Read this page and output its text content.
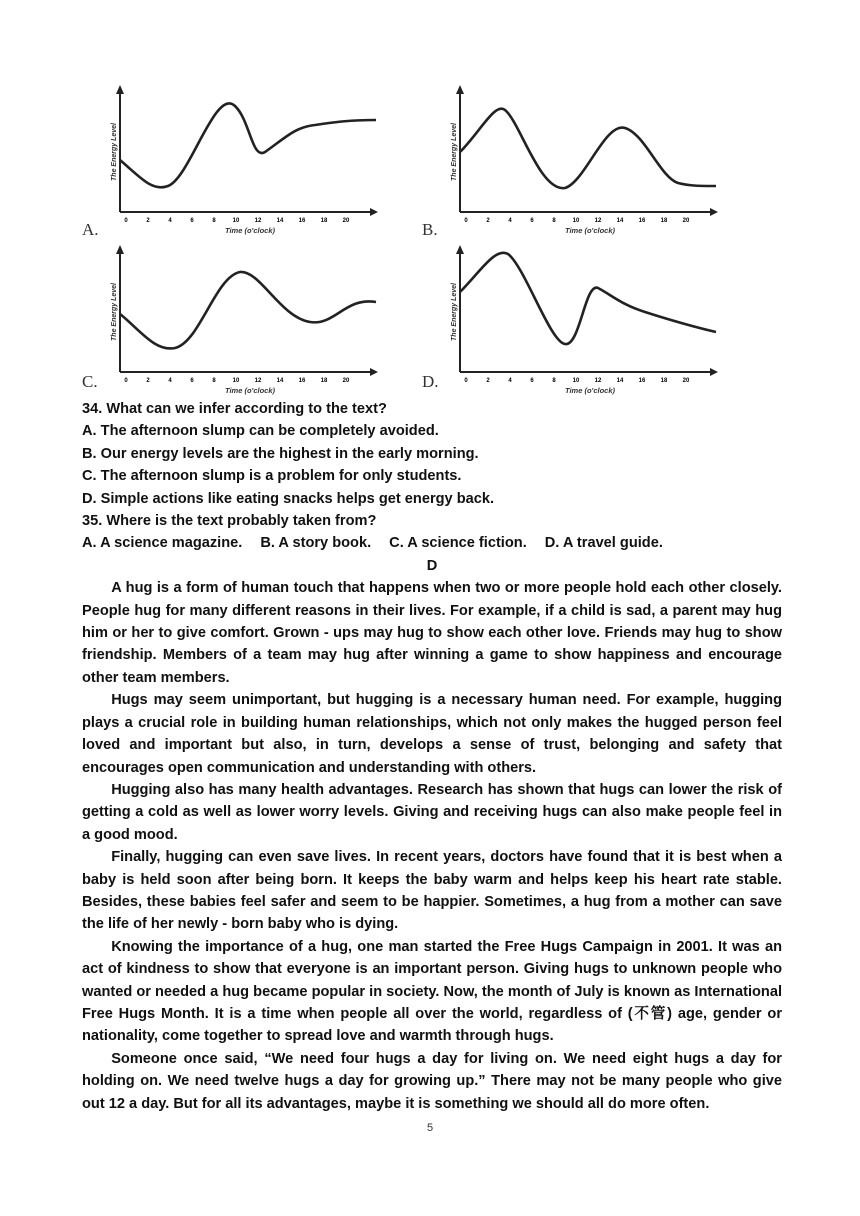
The Energy Level
0	2	4	6	8	10	12	14	16	18	20
Time (o'clock)
A.
The Energy Level
0	2	4	6	8	10	12	14	16	18	20
Time (o'clock)
B.
The Energy Level
0	2	4	6	8	10	12	14	16	18	20
Time (o'clock)
C.
The Energy Level
0	2	4	6	8	10	12	14	16	18	20
Time (o'clock)
D.
34. What can we infer according to the text?
A. The afternoon slump can be completely avoided.
B. Our energy levels are the highest in the early morning.
C. The afternoon slump is a problem for only students.
D. Simple actions like eating snacks helps get energy back.
35. Where is the text probably taken from?
A. A science magazine. B. A story book. C. A science fiction. D. A travel guide.
D

A hug is a form of human touch that happens when two or more people hold each other closely. People hug for many different reasons in their lives. For example, if a child is sad, a parent may hug him or her to give comfort. Grown - ups may hug to show each other love. Friends may hug to show friendship. Members of a team may hug after winning a game to show happiness and encourage other team members.

Hugs may seem unimportant, but hugging is a necessary human need. For example, hugging plays a crucial role in building human relationships, which not only makes the hugged person feel loved and important but also, in turn, develops a sense of trust, belonging and safety that encourages open communication and understanding with others.

Hugging also has many health advantages. Research has shown that hugs can lower the risk of getting a cold as well as lower worry levels. Giving and receiving hugs can also make people feel in a good mood.

Finally, hugging can even save lives. In recent years, doctors have found that it is best when a baby is held soon after being born. It keeps the baby warm and helps keep his heart rate stable. Besides, these babies feel safer and seem to be happier. Sometimes, a hug from a mother can save the life of her newly - born baby who is dying.

Knowing the importance of a hug, one man started the Free Hugs Campaign in 2001. It was an act of kindness to show that everyone is an important person. Giving hugs to unknown people who wanted or needed a hug became popular in society. Now, the month of July is known as International Free Hugs Month. It is a time when people all over the world, regardless of (不管) age, gender or nationality, come together to spread love and warmth through hugs.

Someone once said, “We need four hugs a day for living on. We need eight hugs a day for holding on. We need twelve hugs a day for growing up.” There may not be many people who give out 12 a day. But for all its advantages, maybe it is something we should all do more often.

5
